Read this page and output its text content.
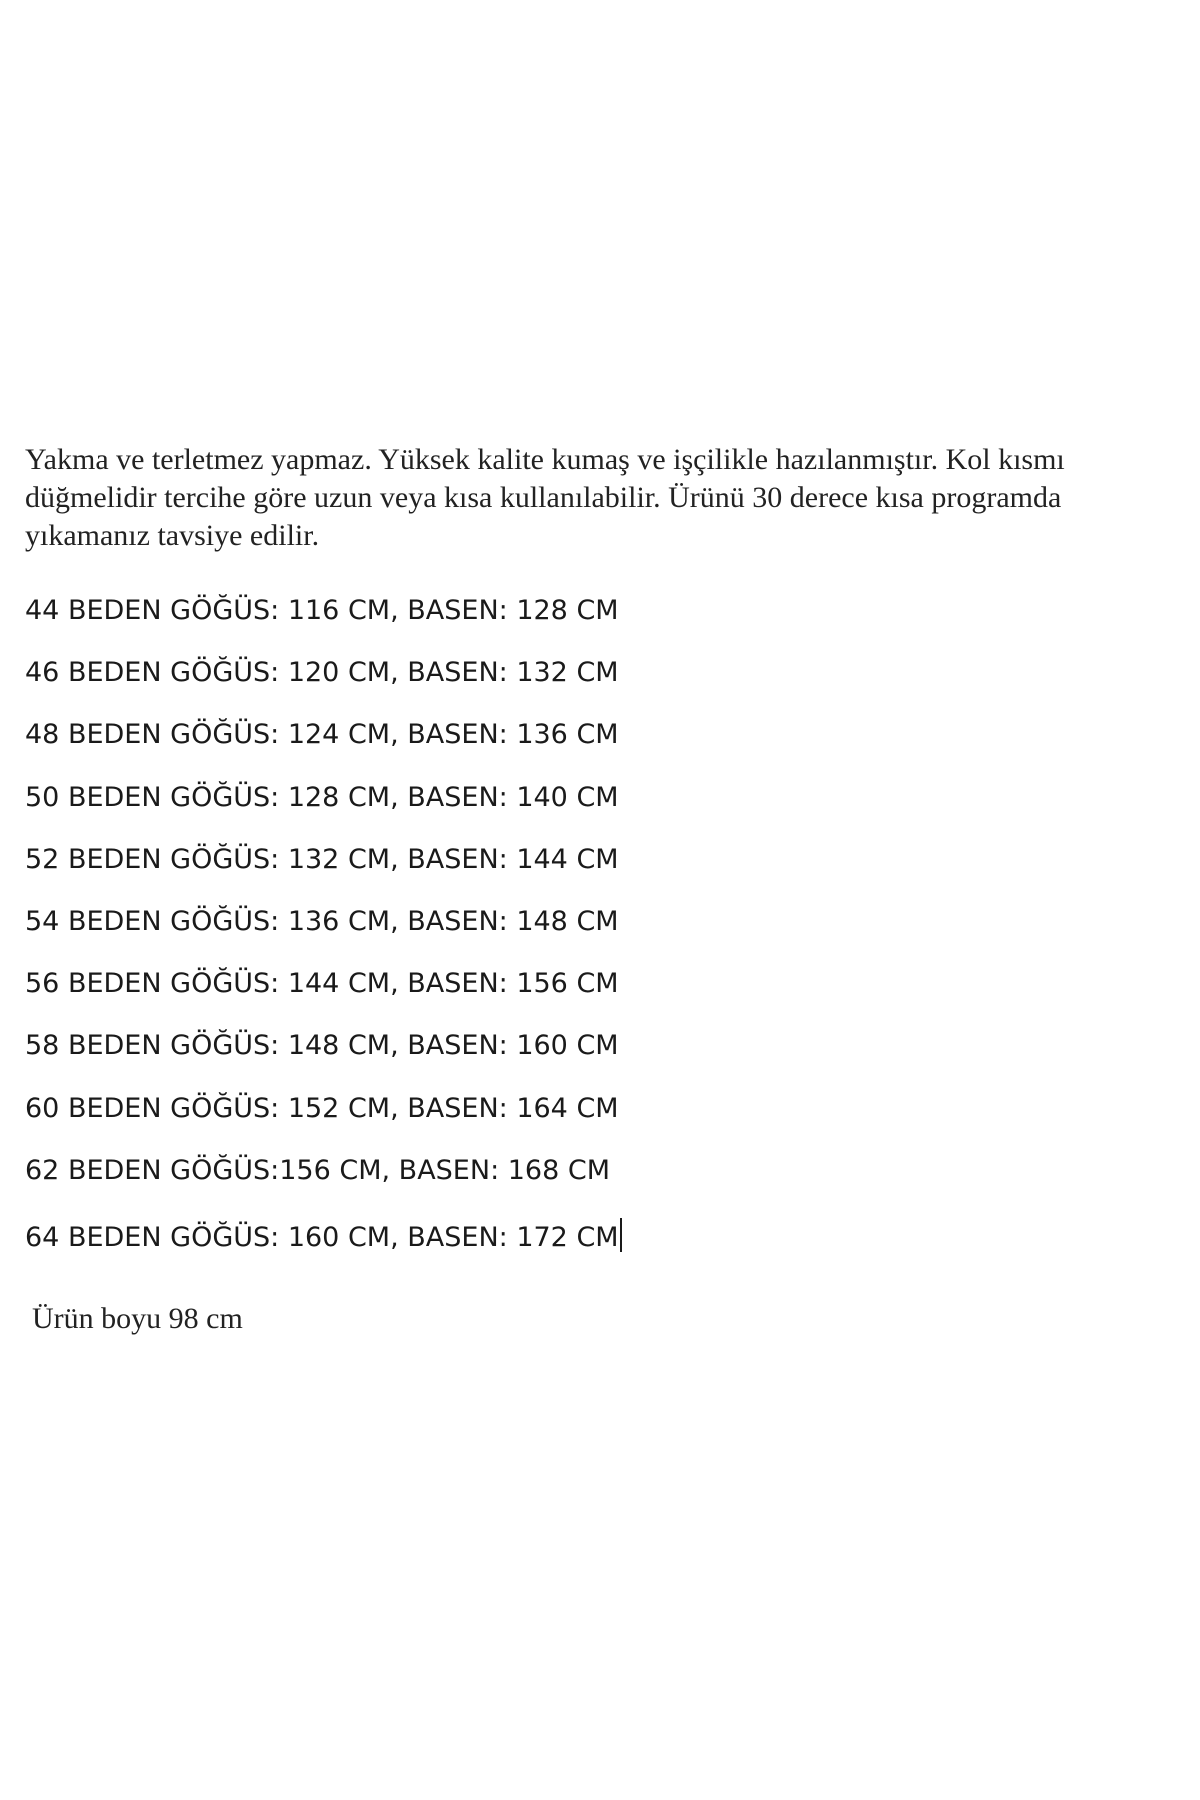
Yakma ve terletmez yapmaz. Yüksek kalite kumaş ve işçilikle hazılanmıştır. Kol kısmı düğmelidir tercihe göre uzun veya kısa kullanılabilir. Ürünü 30 derece kısa programda yıkamanız tavsiye edilir.

44 BEDEN GÖĞÜS: 116 CM, BASEN: 128 CM
46 BEDEN GÖĞÜS: 120 CM, BASEN: 132 CM
48 BEDEN GÖĞÜS: 124 CM, BASEN: 136 CM
50 BEDEN GÖĞÜS: 128 CM, BASEN: 140 CM
52 BEDEN GÖĞÜS: 132 CM, BASEN: 144 CM
54 BEDEN GÖĞÜS: 136 CM, BASEN: 148 CM
56 BEDEN GÖĞÜS: 144 CM, BASEN: 156 CM
58 BEDEN GÖĞÜS: 148 CM, BASEN: 160 CM
60 BEDEN GÖĞÜS: 152 CM, BASEN: 164 CM
62 BEDEN GÖĞÜS:156 CM, BASEN: 168 CM
64 BEDEN GÖĞÜS: 160 CM, BASEN: 172 CM

Ürün boyu 98 cm
